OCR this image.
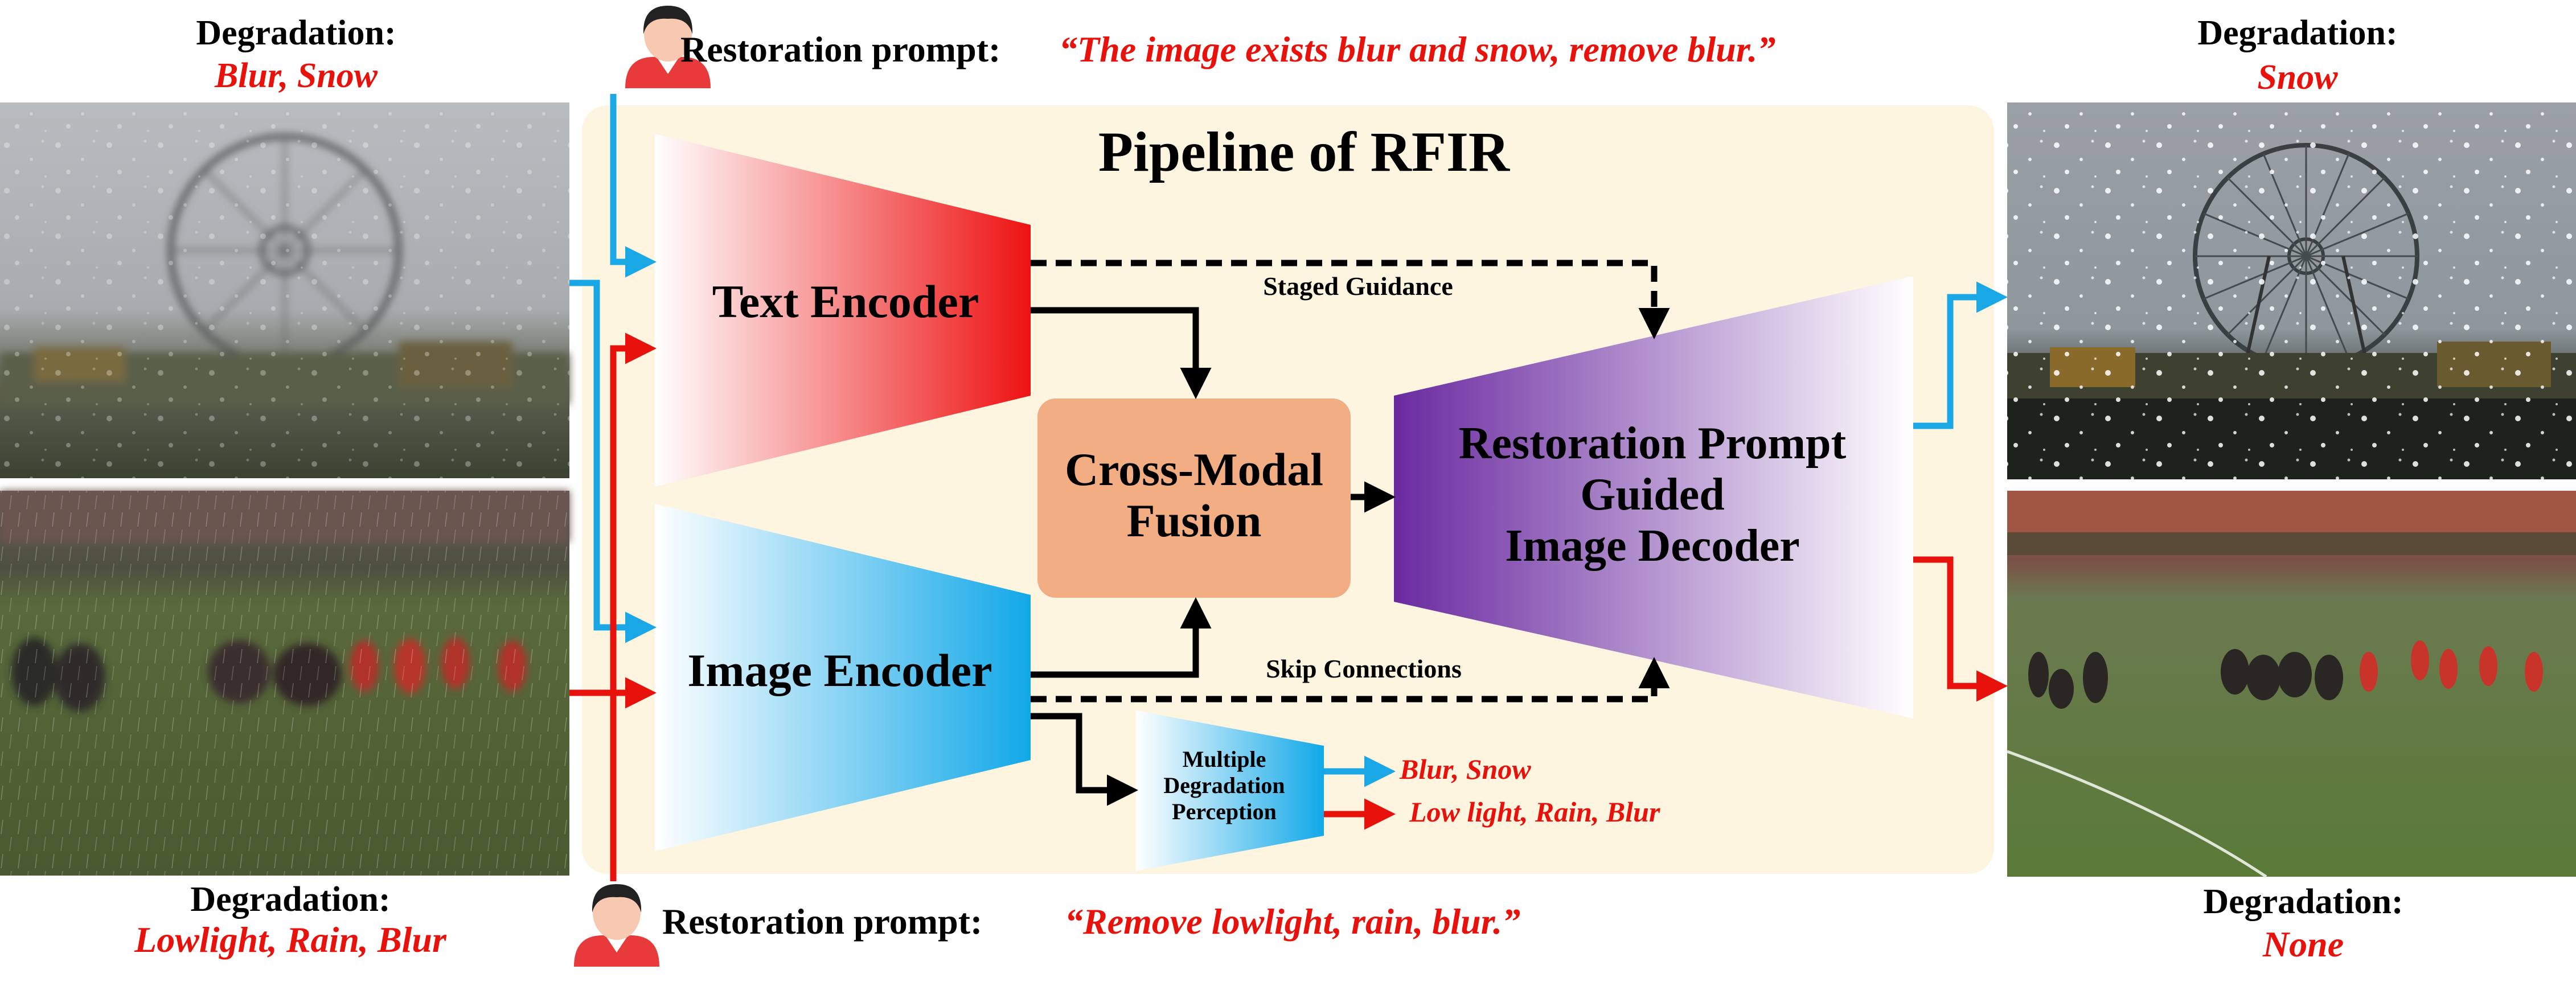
Pipeline of RFIR
Degradation:
Blur, Snow
Degradation:
Lowlight, Rain, Blur
Degradation:
Snow
Degradation:
None
Restoration prompt: “The image exists blur and snow, remove blur.”
Restoration prompt: “Remove lowlight, rain, blur.”
Text Encoder
Image Encoder
Cross-Modal
Fusion
Restoration Prompt
Guided
Image Decoder
Multiple
Degradation
Perception
Staged Guidance
Skip Connections
Blur, Snow
Low light, Rain, Blur
